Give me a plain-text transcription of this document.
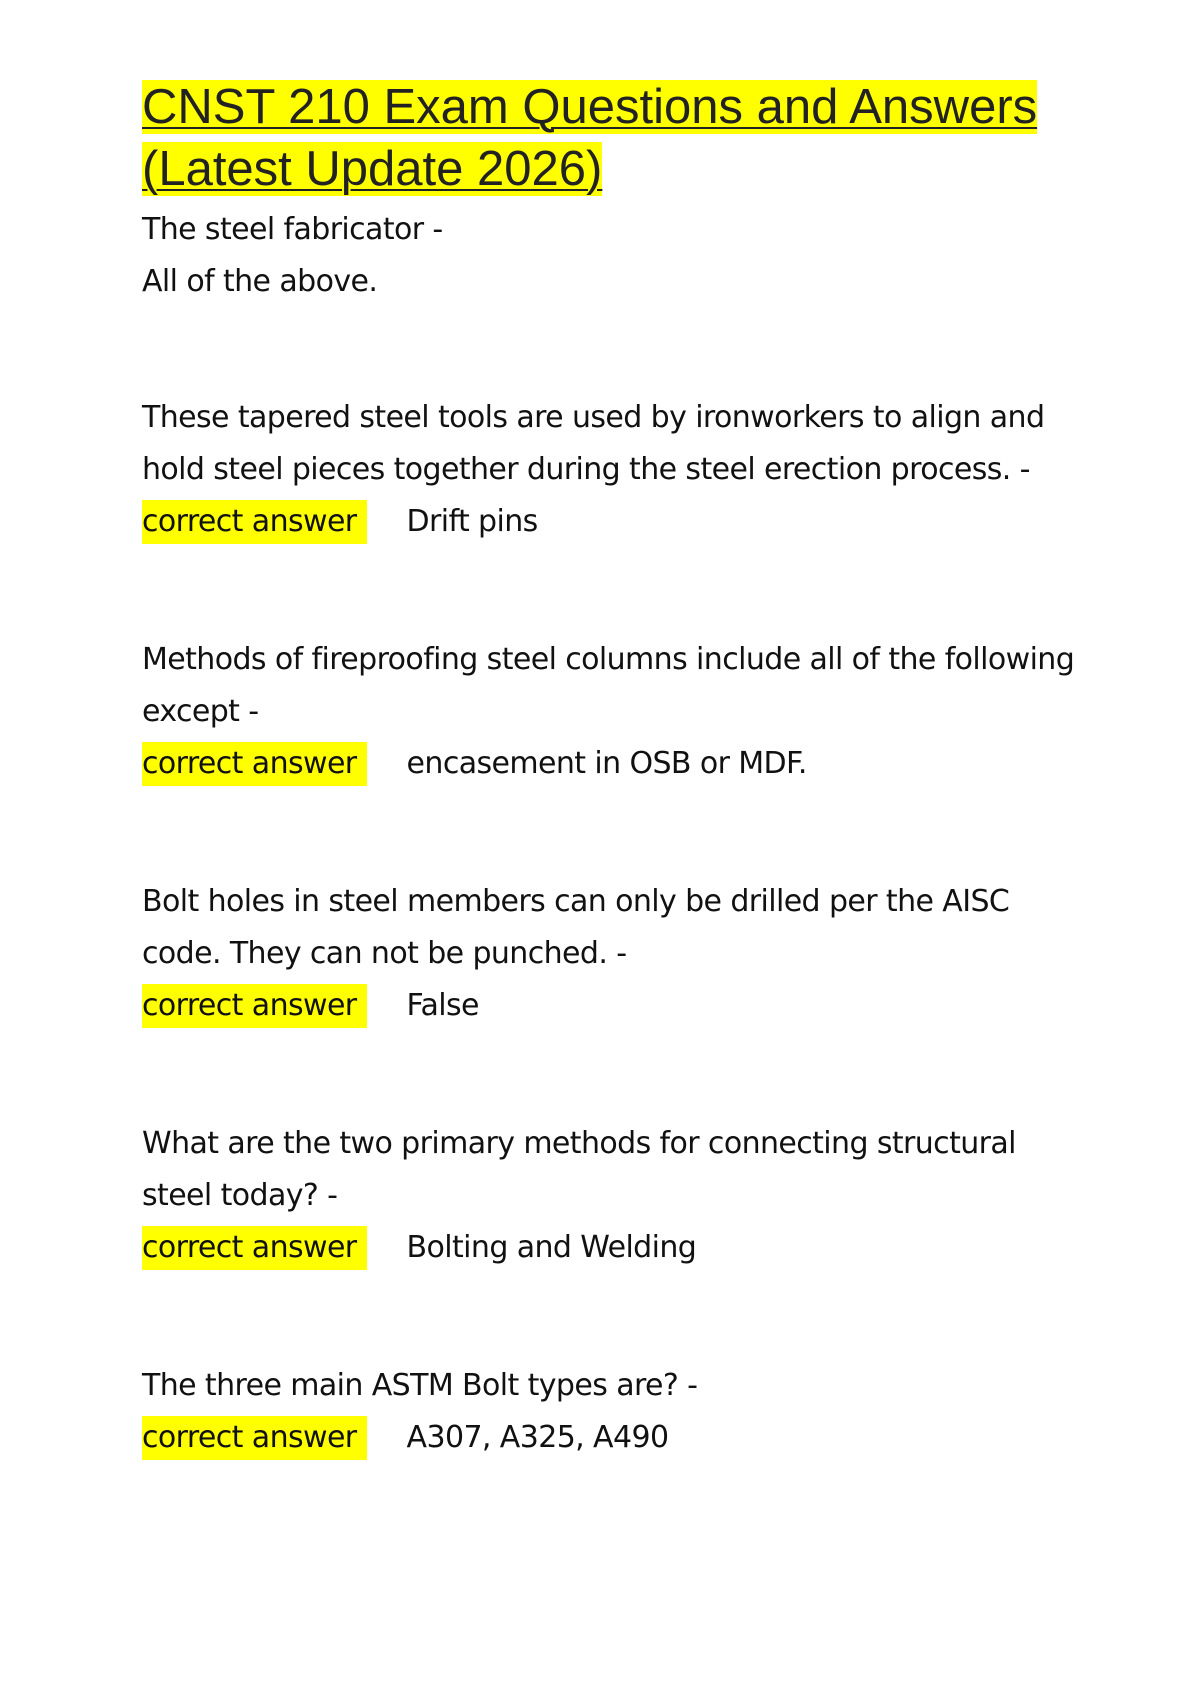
CNST 210 Exam Questions and Answers
(Latest Update 2026)
The steel fabricator -
All of the above.
These tapered steel tools are used by ironworkers to align and hold steel pieces together during the steel erection process. -
correct answer	Drift pins
Methods of fireproofing steel columns include all of the following except -
correct answer	encasement in OSB or MDF.
Bolt holes in steel members can only be drilled per the AISC code. They can not be punched. -
correct answer	False
What are the two primary methods for connecting structural steel today? -
correct answer	Bolting and Welding
The three main ASTM Bolt types are? -
correct answer	A307, A325, A490
